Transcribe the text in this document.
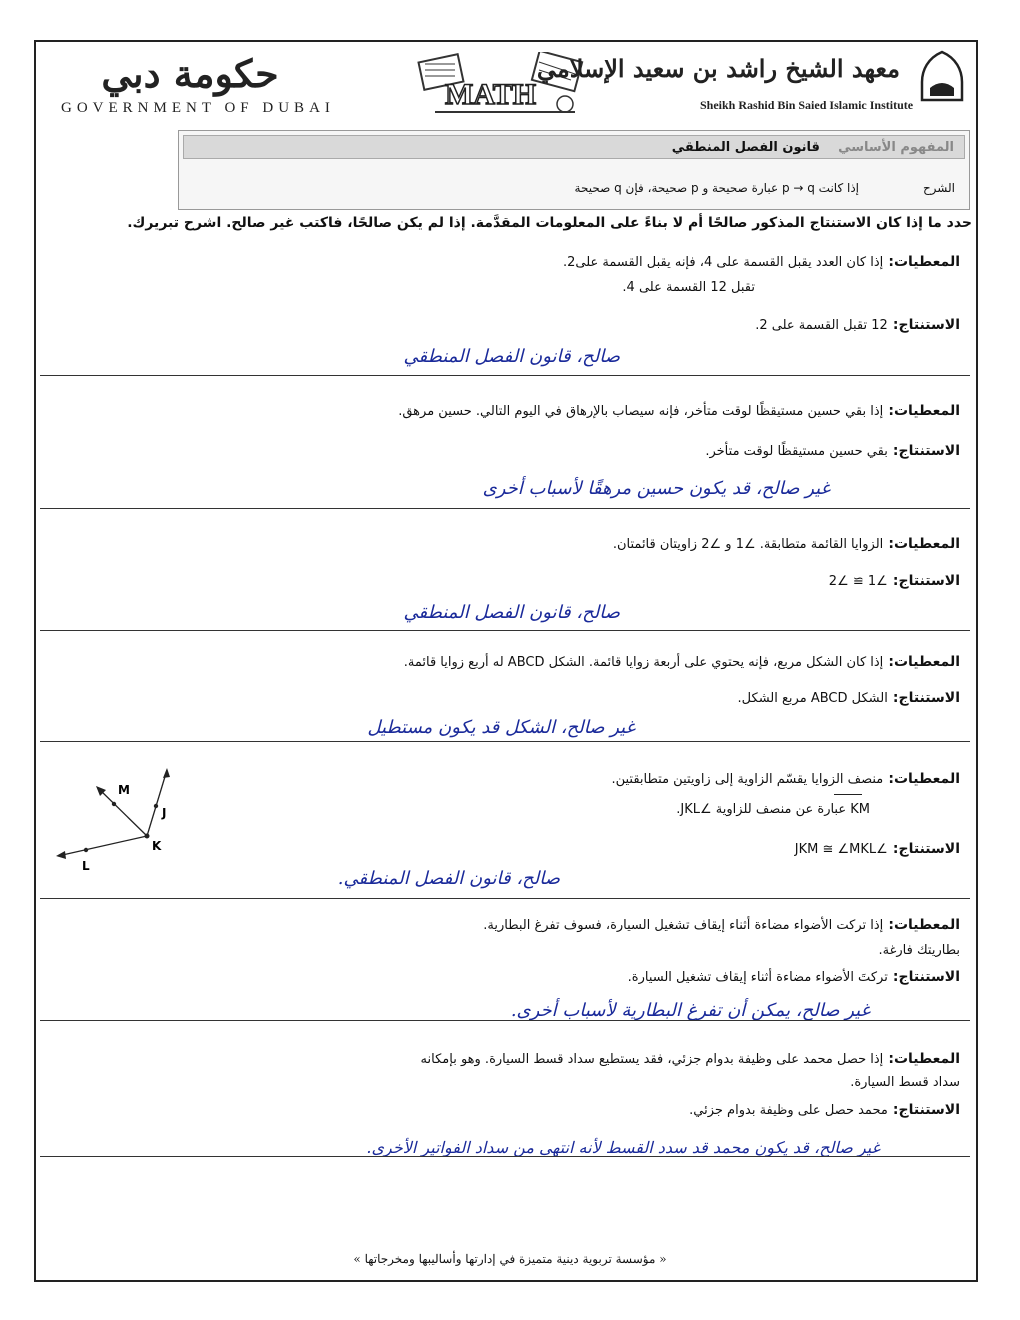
حكومة دبي
GOVERNMENT OF DUBAI	MATH
معهد الشيخ راشد بن سعيد الإسلامي
Sheikh Rashid Bin Saied Islamic Institute
المفهوم الأساسي    قانون الفصل المنطقي
الشرح
إذا كانت p → q عبارة صحيحة و p صحيحة، فإن q صحيحة
حدد ما إذا كان الاستنتاج المذكور صالحًا أم لا بناءً على المعلومات المقدَّمة. إذا لم يكن صالحًا، فاكتب غير صالح. اشرح تبريرك.
المعطيات: إذا كان العدد يقبل القسمة على 4، فإنه يقبل القسمة على2.
تقبل 12 القسمة على 4.
الاستنتاج: 12 تقبل القسمة على 2.
صالح، قانون الفصل المنطقي
المعطيات: إذا بقي حسين مستيقظًا لوقت متأخر، فإنه سيصاب بالإرهاق في اليوم التالي. حسين مرهق.
الاستنتاج: بقي حسين مستيقظًا لوقت متأخر.
غير صالح، قد يكون حسين مرهقًا لأسباب أخرى
المعطيات: الزوايا القائمة متطابقة. ∠1 و ∠2 زاويتان قائمتان.
الاستنتاج: ∠1 ≅ ∠2
صالح، قانون الفصل المنطقي
المعطيات: إذا كان الشكل مربع، فإنه يحتوي على أربعة زوايا قائمة. الشكل ABCD له أربع زوايا قائمة.
الاستنتاج: الشكل ABCD مربع الشكل.
غير صالح، الشكل قد يكون مستطيل
المعطيات: منصف الزوايا يقسّم الزاوية إلى زاويتين متطابقتين.
KM عبارة عن منصف للزاوية ∠JKL.
الاستنتاج: ∠JKM ≅ ∠MKL
صالح، قانون الفصل المنطقي.
M
J
K
L
المعطيات: إذا تركت الأضواء مضاءة أثناء إيقاف تشغيل السيارة، فسوف تفرغ البطارية.
بطاريتك فارغة.
الاستنتاج: تركتَ الأضواء مضاءة أثناء إيقاف تشغيل السيارة.
غير صالح، يمكن أن تفرغ البطارية لأسباب أخرى.
المعطيات: إذا حصل محمد على وظيفة بدوام جزئي، فقد يستطيع سداد قسط السيارة. وهو بإمكانه
سداد قسط السيارة.
الاستنتاج: محمد حصل على وظيفة بدوام جزئي.
غير صالح، قد يكون محمد قد سدد القسط لأنه انتهى من سداد الفواتير الأخرى.
« مؤسسة تربوية دينية متميزة في إدارتها وأساليبها ومخرجاتها »
